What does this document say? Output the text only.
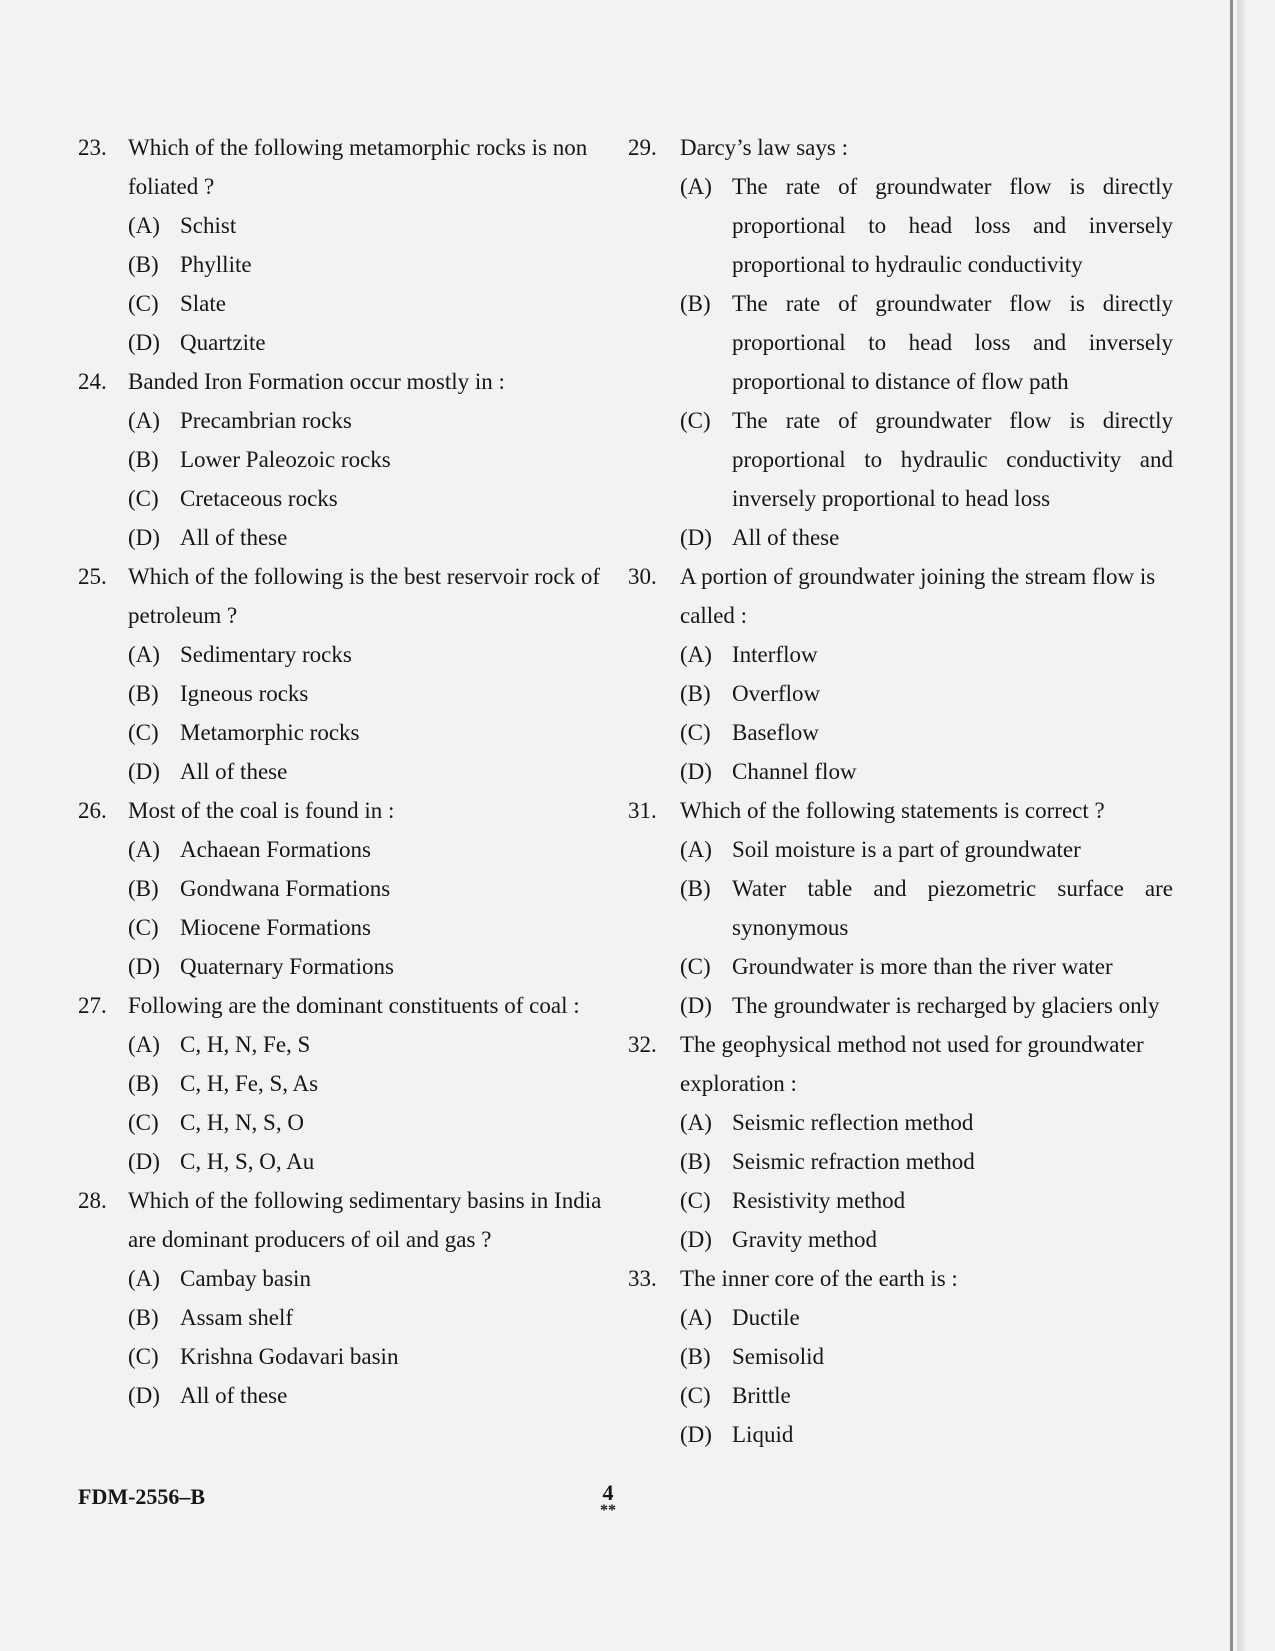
23. Which of the following metamorphic rocks is non foliated ?
(A) Schist
(B) Phyllite
(C) Slate
(D) Quartzite
24. Banded Iron Formation occur mostly in :
(A) Precambrian rocks
(B) Lower Paleozoic rocks
(C) Cretaceous rocks
(D) All of these
25. Which of the following is the best reservoir rock of petroleum ?
(A) Sedimentary rocks
(B) Igneous rocks
(C) Metamorphic rocks
(D) All of these
26. Most of the coal is found in :
(A) Achaean Formations
(B) Gondwana Formations
(C) Miocene Formations
(D) Quaternary Formations
27. Following are the dominant constituents of coal :
(A) C, H, N, Fe, S
(B) C, H, Fe, S, As
(C) C, H, N, S, O
(D) C, H, S, O, Au
28. Which of the following sedimentary basins in India are dominant producers of oil and gas ?
(A) Cambay basin
(B) Assam shelf
(C) Krishna Godavari basin
(D) All of these
29.	Darcy’s law says :
(A) The rate of groundwater flow is directly proportional to head loss and inversely proportional to hydraulic conductivity
(B) The rate of groundwater flow is directly proportional to head loss and inversely proportional to distance of flow path
(C) The rate of groundwater flow is directly proportional to hydraulic conductivity and inversely proportional to head loss
(D) All of these
30.	A portion of groundwater joining the stream flow is called :
(A) Interflow
(B) Overflow
(C) Baseflow
(D) Channel flow
31.	Which of the following statements is correct ?
(A) Soil moisture is a part of groundwater
(B) Water table and piezometric surface are synonymous
(C) Groundwater is more than the river water
(D) The groundwater is recharged by glaciers only
32.	The geophysical method not used for groundwater exploration :
(A) Seismic reflection method
(B) Seismic refraction method
(C) Resistivity method
(D) Gravity method
33.	The inner core of the earth is :
(A) Ductile
(B) Semisolid
(C) Brittle
(D) Liquid
FDM-2556–B	4
**
